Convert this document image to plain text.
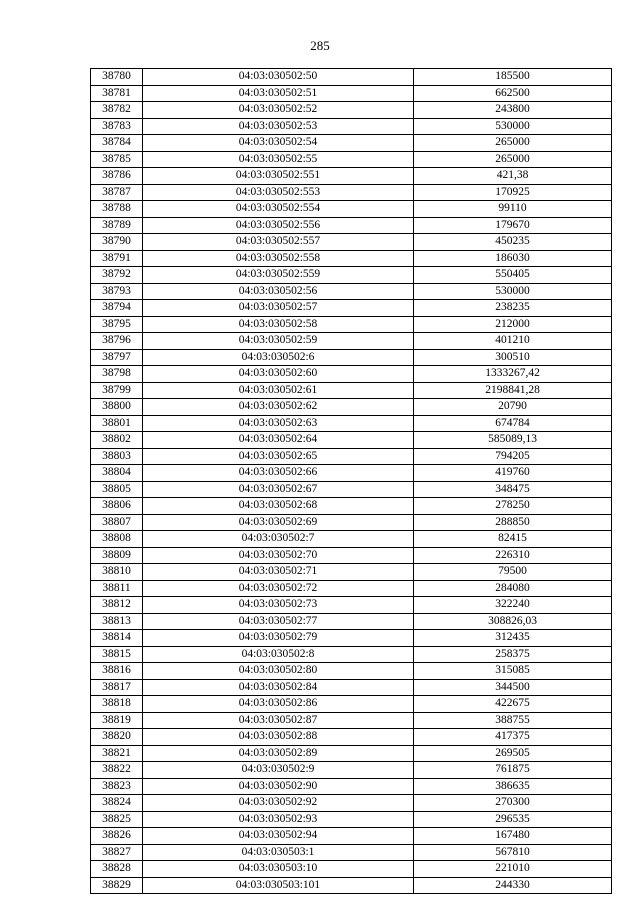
285
38780	04:03:030502:50	185500
38781	04:03:030502:51	662500
38782	04:03:030502:52	243800
38783	04:03:030502:53	530000
38784	04:03:030502:54	265000
38785	04:03:030502:55	265000
38786	04:03:030502:551	421,38
38787	04:03:030502:553	170925
38788	04:03:030502:554	99110
38789	04:03:030502:556	179670
38790	04:03:030502:557	450235
38791	04:03:030502:558	186030
38792	04:03:030502:559	550405
38793	04:03:030502:56	530000
38794	04:03:030502:57	238235
38795	04:03:030502:58	212000
38796	04:03:030502:59	401210
38797	04:03:030502:6	300510
38798	04:03:030502:60	1333267,42
38799	04:03:030502:61	2198841,28
38800	04:03:030502:62	20790
38801	04:03:030502:63	674784
38802	04:03:030502:64	585089,13
38803	04:03:030502:65	794205
38804	04:03:030502:66	419760
38805	04:03:030502:67	348475
38806	04:03:030502:68	278250
38807	04:03:030502:69	288850
38808	04:03:030502:7	82415
38809	04:03:030502:70	226310
38810	04:03:030502:71	79500
38811	04:03:030502:72	284080
38812	04:03:030502:73	322240
38813	04:03:030502:77	308826,03
38814	04:03:030502:79	312435
38815	04:03:030502:8	258375
38816	04:03:030502:80	315085
38817	04:03:030502:84	344500
38818	04:03:030502:86	422675
38819	04:03:030502:87	388755
38820	04:03:030502:88	417375
38821	04:03:030502:89	269505
38822	04:03:030502:9	761875
38823	04:03:030502:90	386635
38824	04:03:030502:92	270300
38825	04:03:030502:93	296535
38826	04:03:030502:94	167480
38827	04:03:030503:1	567810
38828	04:03:030503:10	221010
38829	04:03:030503:101	244330
